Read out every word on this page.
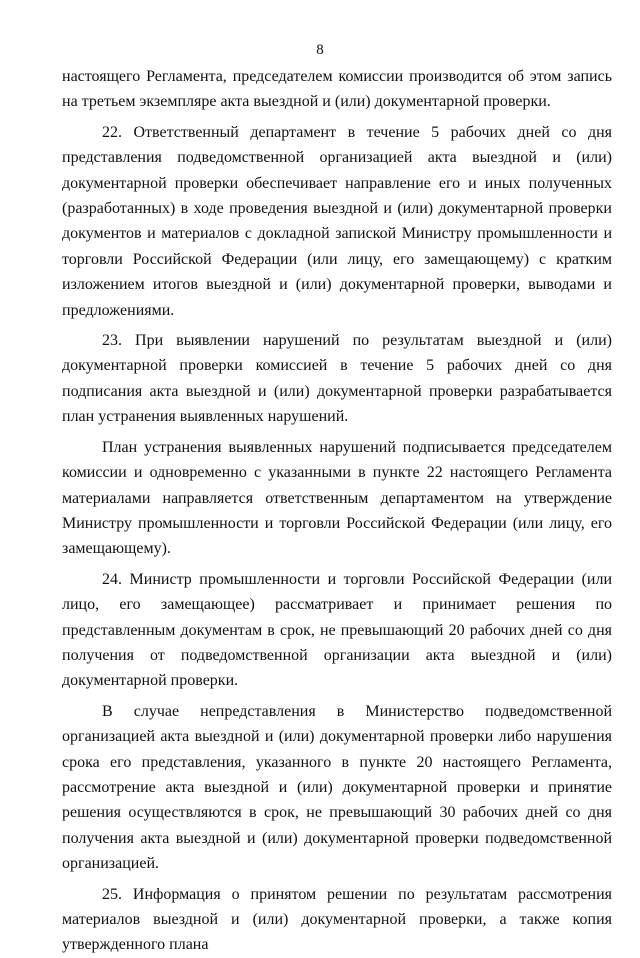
8

настоящего Регламента, председателем комиссии производится об этом запись на третьем экземпляре акта выездной и (или) документарной проверки.

22. Ответственный департамент в течение 5 рабочих дней со дня представления подведомственной организацией акта выездной и (или) документарной проверки обеспечивает направление его и иных полученных (разработанных) в ходе проведения выездной и (или) документарной проверки документов и материалов с докладной запиской Министру промышленности и торговли Российской Федерации (или лицу, его замещающему) с кратким изложением итогов выездной и (или) документарной проверки, выводами и предложениями.

23. При выявлении нарушений по результатам выездной и (или) документарной проверки комиссией в течение 5 рабочих дней со дня подписания акта выездной и (или) документарной проверки разрабатывается план устранения выявленных нарушений.

План устранения выявленных нарушений подписывается председателем комиссии и одновременно с указанными в пункте 22 настоящего Регламента материалами направляется ответственным департаментом на утверждение Министру промышленности и торговли Российской Федерации (или лицу, его замещающему).

24. Министр промышленности и торговли Российской Федерации (или лицо, его замещающее) рассматривает и принимает решения по представленным документам в срок, не превышающий 20 рабочих дней со дня получения от подведомственной организации акта выездной и (или) документарной проверки.

В случае непредставления в Министерство подведомственной организацией акта выездной и (или) документарной проверки либо нарушения срока его представления, указанного в пункте 20 настоящего Регламента, рассмотрение акта выездной и (или) документарной проверки и принятие решения осуществляются в срок, не превышающий 30 рабочих дней со дня получения акта выездной и (или) документарной проверки подведомственной организацией.

25. Информация о принятом решении по результатам рассмотрения материалов выездной и (или) документарной проверки, а также копия утвержденного плана
